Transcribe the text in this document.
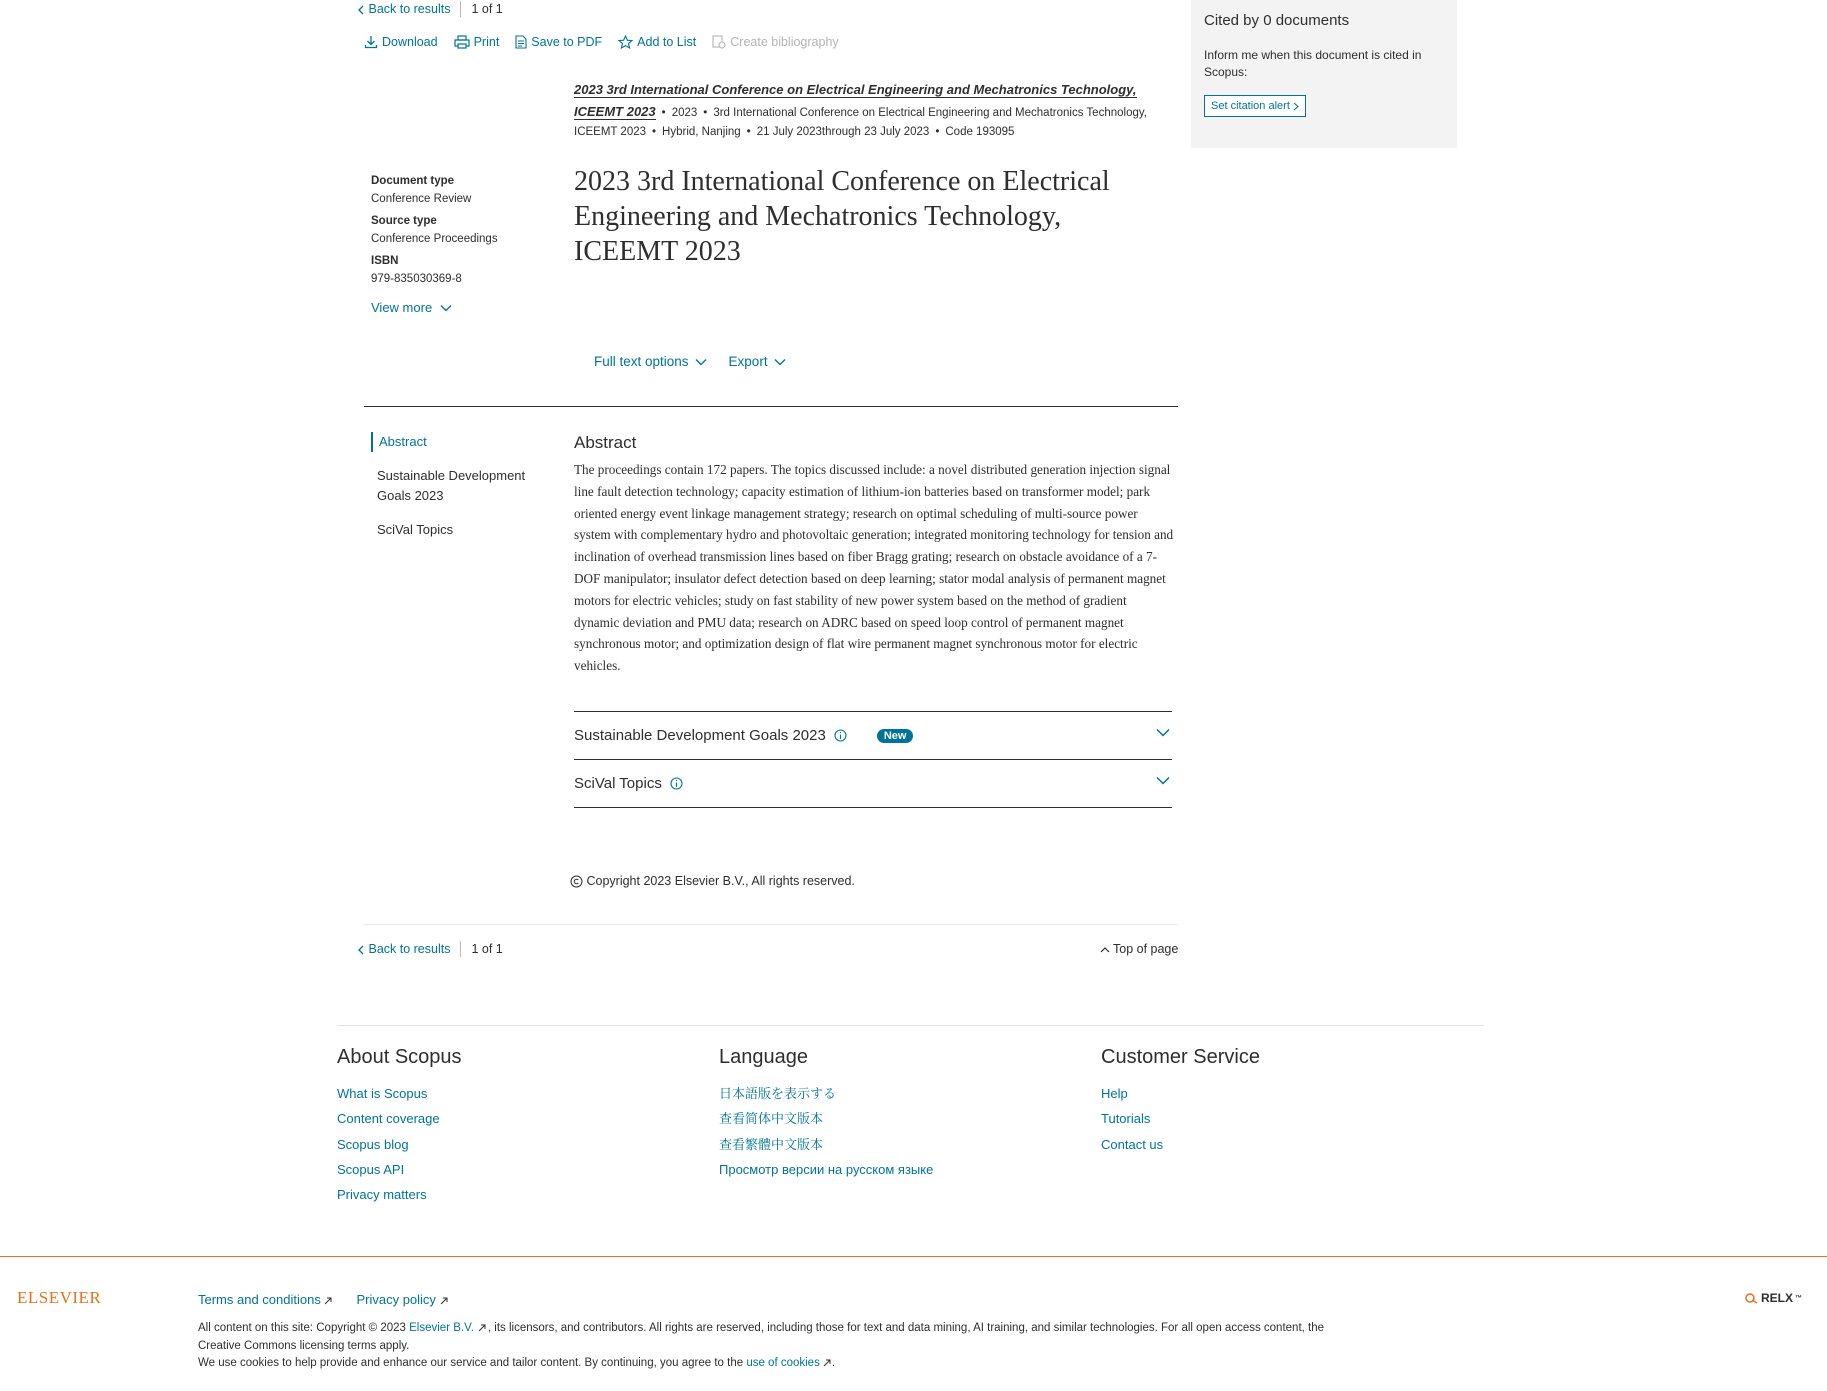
Back to results 1 of 1
Download	Print	Save to PDF	Add to List	Create bibliography
2023 3rd International Conference on Electrical Engineering and Mechatronics Technology,
ICEEMT 2023 • 2023 • 3rd International Conference on Electrical Engineering and Mechatronics Technology,
ICEEMT 2023 • Hybrid, Nanjing • 21 July 2023through 23 July 2023 • Code 193095
Document type
Conference Review
Source type
Conference Proceedings
ISBN
979-835030369-8
View more
2023 3rd International Conference on Electrical Engineering and Mechatronics Technology, ICEEMT 2023
Full text options	Export
Abstract
Sustainable Development Goals 2023
SciVal Topics
Abstract

The proceedings contain 172 papers. The topics discussed include: a novel distributed generation injection signal line fault detection technology; capacity estimation of lithium-ion batteries based on transformer model; park oriented energy event linkage management strategy; research on optimal scheduling of multi-source power system with complementary hydro and photovoltaic generation; integrated monitoring technology for tension and inclination of overhead transmission lines based on fiber Bragg grating; research on obstacle avoidance of a 7-DOF manipulator; insulator defect detection based on deep learning; stator modal analysis of permanent magnet motors for electric vehicles; study on fast stability of new power system based on the method of gradient dynamic deviation and PMU data; research on ADRC based on speed loop control of permanent magnet synchronous motor; and optimization design of flat wire permanent magnet synchronous motor for electric vehicles.

Sustainable Development Goals 2023	New
SciVal Topics
Copyright 2023 Elsevier B.V., All rights reserved.
Back to results 1 of 1	Top of page
Cited by 0 documents
Inform me when this document is cited in Scopus:
Set citation alert
About Scopus
What is Scopus
Content coverage
Scopus blog
Scopus API
Privacy matters
Language
日本語版を表示する
查看简体中文版本
查看繁體中文版本
Просмотр версии на русском языке
Customer Service
Help
Tutorials
Contact us
ELSEVIER	Terms and conditions	Privacy policy
All content on this site: Copyright © 2023 Elsevier B.V. , its licensors, and contributors. All rights are reserved, including those for text and data mining, AI training, and similar technologies. For all open access content, the Creative Commons licensing terms apply.
We use cookies to help provide and enhance our service and tailor content. By continuing, you agree to the use of cookies .
RELX ™
